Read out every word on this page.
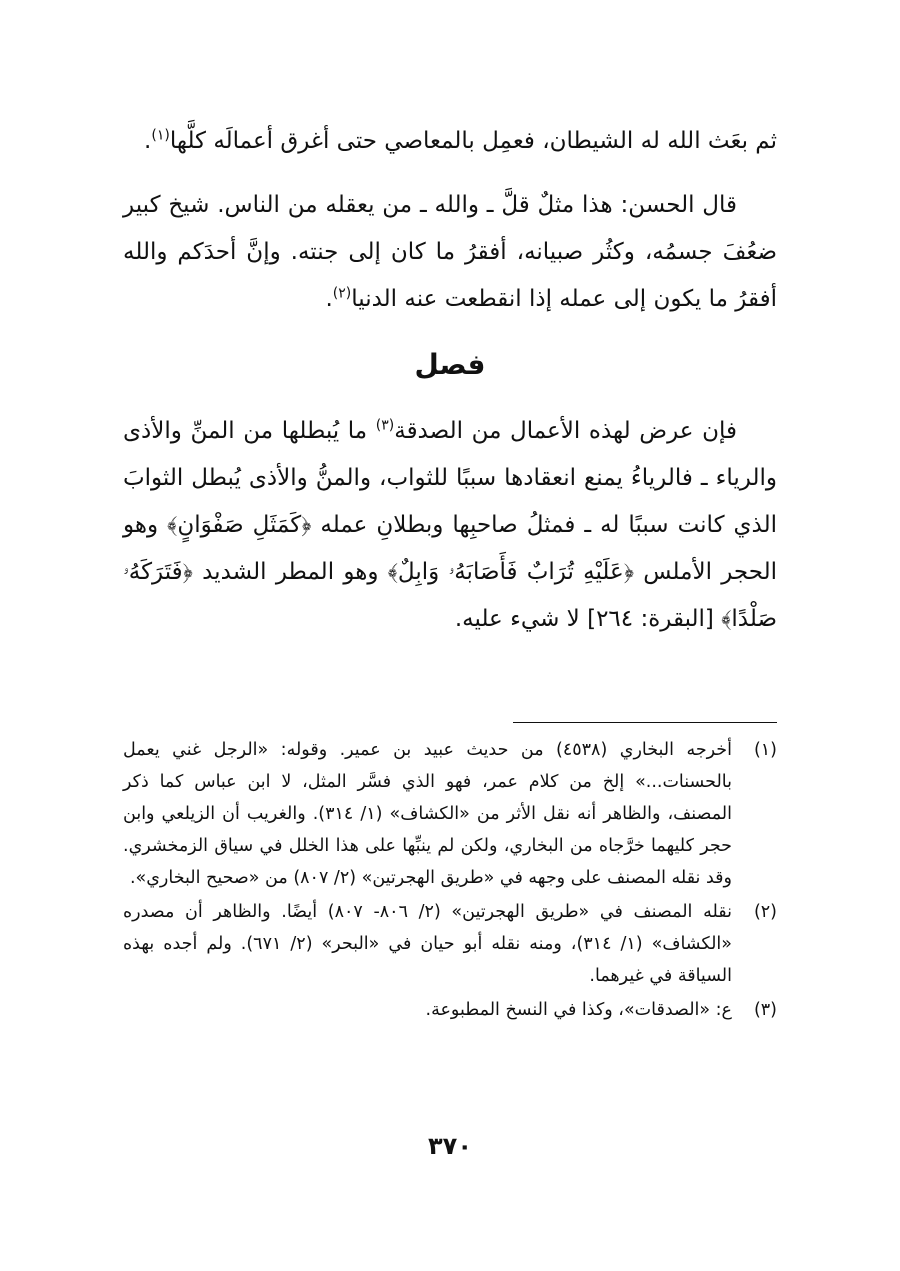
ثم بعَث الله له الشيطان، فعمِل بالمعاصي حتى أغرق أعمالَه كلَّها$^{(١)}$.

قال الحسن: هذا مثلٌ قلَّ ـ والله ـ من يعقله من الناس. شيخ كبير ضعُفَ جسمُه، وكثُر صبيانه، أفقرُ ما كان إلى جنته. وإنَّ أحدَكم والله أفقرُ ما يكون إلى عمله إذا انقطعت عنه الدنيا$^{(٢)}$.

فصل

فإن عرض لهذه الأعمال من الصدقة$^{(٣)}$ ما يُبطلها من المنِّ والأذى والرياء ـ فالرياءُ يمنع انعقادها سببًا للثواب، والمنُّ والأذى يُبطل الثوابَ الذي كانت سببًا له ـ فمثلُ صاحبِها وبطلانِ عمله ﴿كَمَثَلِ صَفْوَانٍ﴾ وهو الحجر الأملس ﴿عَلَيْهِ تُرَابٌ فَأَصَابَهُۥ وَابِلٌ﴾ وهو المطر الشديد ﴿فَتَرَكَهُۥ صَلْدًا﴾ [البقرة: ٢٦٤] لا شيء عليه.

(١)
أخرجه البخاري (٤٥٣٨) من حديث عبيد بن عمير. وقوله: «الرجل غني يعمل بالحسنات...» إلخ من كلام عمر، فهو الذي فسَّر المثل، لا ابن عباس كما ذكر المصنف، والظاهر أنه نقل الأثر من «الكشاف» (١/ ٣١٤). والغريب أن الزيلعي وابن حجر كليهما خرَّجاه من البخاري، ولكن لم ينبِّها على هذا الخلل في سياق الزمخشري. وقد نقله المصنف على وجهه في «طريق الهجرتين» (٢/ ٨٠٧) من «صحيح البخاري».
(٢)
نقله المصنف في «طريق الهجرتين» (٢/ ٨٠٦- ٨٠٧) أيضًا. والظاهر أن مصدره «الكشاف» (١/ ٣١٤)، ومنه نقله أبو حيان في «البحر» (٢/ ٦٧١). ولم أجده بهذه السياقة في غيرهما.
(٣)
ع: «الصدقات»، وكذا في النسخ المطبوعة.
٣٧٠
